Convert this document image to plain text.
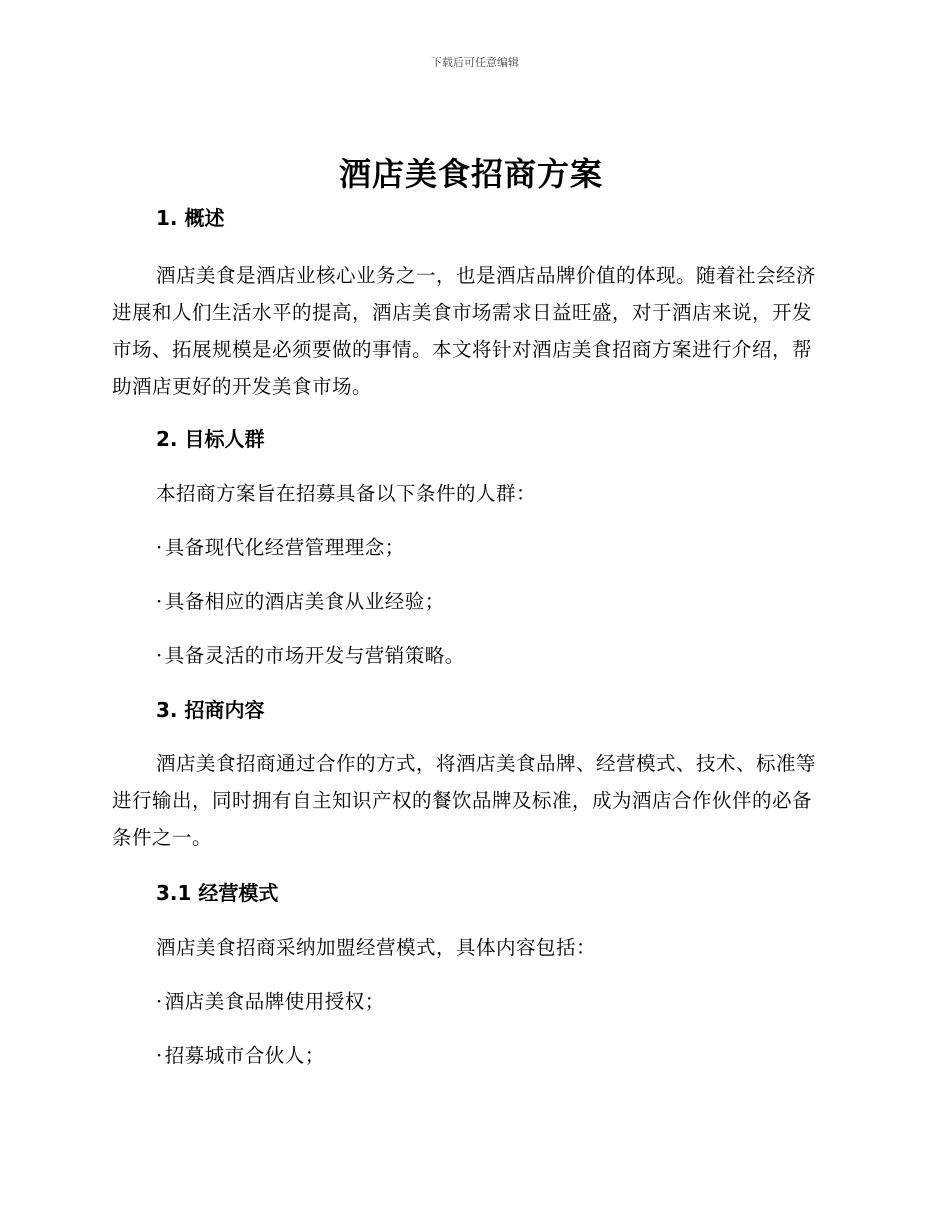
下载后可任意编辑
酒店美食招商方案

1. 概述

酒店美食是酒店业核心业务之一，也是酒店品牌价值的体现。随着社会经济进展和人们生活水平的提高，酒店美食市场需求日益旺盛，对于酒店来说，开发市场、拓展规模是必须要做的事情。本文将针对酒店美食招商方案进行介绍，帮助酒店更好的开发美食市场。

2. 目标人群

本招商方案旨在招募具备以下条件的人群：

· 具备现代化经营管理理念；

· 具备相应的酒店美食从业经验；

· 具备灵活的市场开发与营销策略。

3. 招商内容

酒店美食招商通过合作的方式，将酒店美食品牌、经营模式、技术、标准等进行输出，同时拥有自主知识产权的餐饮品牌及标准，成为酒店合作伙伴的必备条件之一。

3.1 经营模式

酒店美食招商采纳加盟经营模式，具体内容包括：

· 酒店美食品牌使用授权；

· 招募城市合伙人；
